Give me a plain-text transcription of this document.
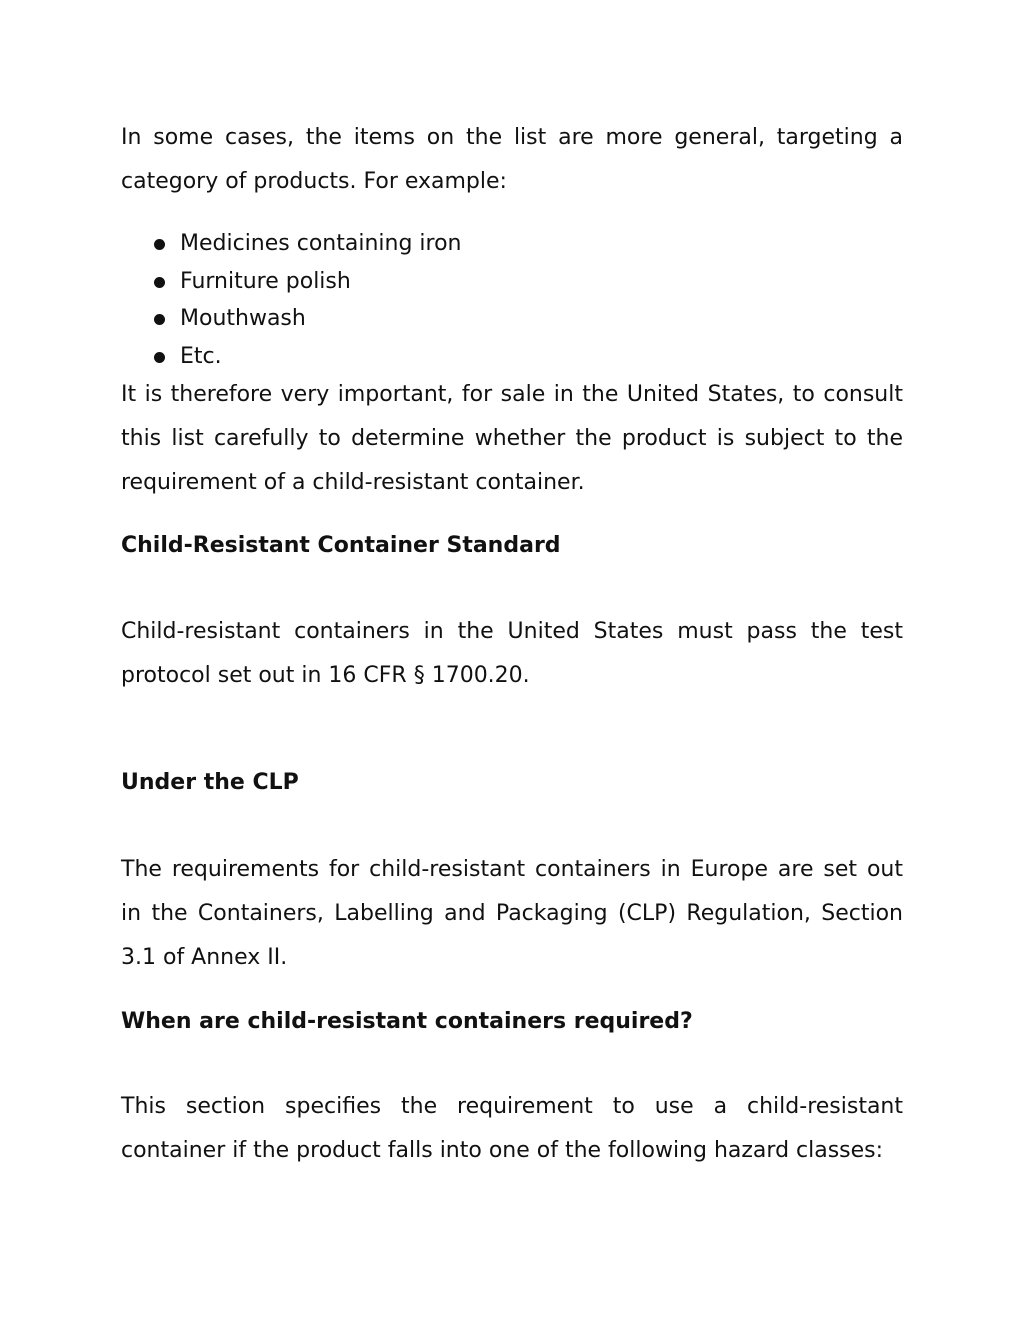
In some cases, the items on the list are more general, targeting a category of products. For example:

Medicines containing iron
Furniture polish
Mouthwash
Etc.

It is therefore very important, for sale in the United States, to consult this list carefully to determine whether the product is subject to the requirement of a child-resistant container.

Child-Resistant Container Standard

Child-resistant containers in the United States must pass the test protocol set out in 16 CFR § 1700.20.

Under the CLP

The requirements for child-resistant containers in Europe are set out in the Containers, Labelling and Packaging (CLP) Regulation, Section 3.1 of Annex II.

When are child-resistant containers required?

This section specifies the requirement to use a child-resistant container if the product falls into one of the following hazard classes:
